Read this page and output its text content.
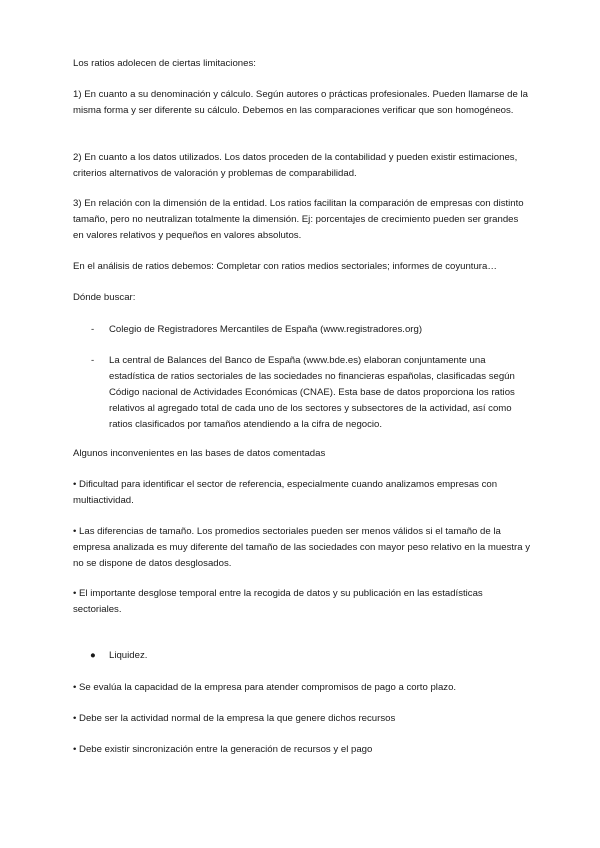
Los ratios adolecen de ciertas limitaciones:

1) En cuanto a su denominación y cálculo. Según autores o prácticas profesionales. Pueden llamarse de la misma forma y ser diferente su cálculo. Debemos en las comparaciones verificar que son homogéneos.

2) En cuanto a los datos utilizados. Los datos proceden de la contabilidad y pueden existir estimaciones, criterios alternativos de valoración y problemas de comparabilidad.

3) En relación con la dimensión de la entidad. Los ratios facilitan la comparación de empresas con distinto tamaño, pero no neutralizan totalmente la dimensión. Ej: porcentajes de crecimiento pueden ser grandes en valores relativos y pequeños en valores absolutos.

En el análisis de ratios debemos: Completar con ratios medios sectoriales; informes de coyuntura…

Dónde buscar:

- Colegio de Registradores Mercantiles de España (www.registradores.org)

- La central de Balances del Banco de España (www.bde.es) elaboran conjuntamente una estadística de ratios sectoriales de las sociedades no financieras españolas, clasificadas según Código nacional de Actividades Económicas (CNAE). Esta base de datos proporciona los ratios relativos al agregado total de cada uno de los sectores y subsectores de la actividad, así como ratios clasificados por tamaños atendiendo a la cifra de negocio.

Algunos inconvenientes en las bases de datos comentadas

• Dificultad para identificar el sector de referencia, especialmente cuando analizamos empresas con multiactividad.

• Las diferencias de tamaño. Los promedios sectoriales pueden ser menos válidos si el tamaño de la empresa analizada es muy diferente del tamaño de las sociedades con mayor peso relativo en la muestra y no se dispone de datos desglosados.

• El importante desglose temporal entre la recogida de datos y su publicación en las estadísticas sectoriales.

● Liquidez.

• Se evalúa la capacidad de la empresa para atender compromisos de pago a corto plazo.

• Debe ser la actividad normal de la empresa la que genere dichos recursos

• Debe existir sincronización entre la generación de recursos y el pago
